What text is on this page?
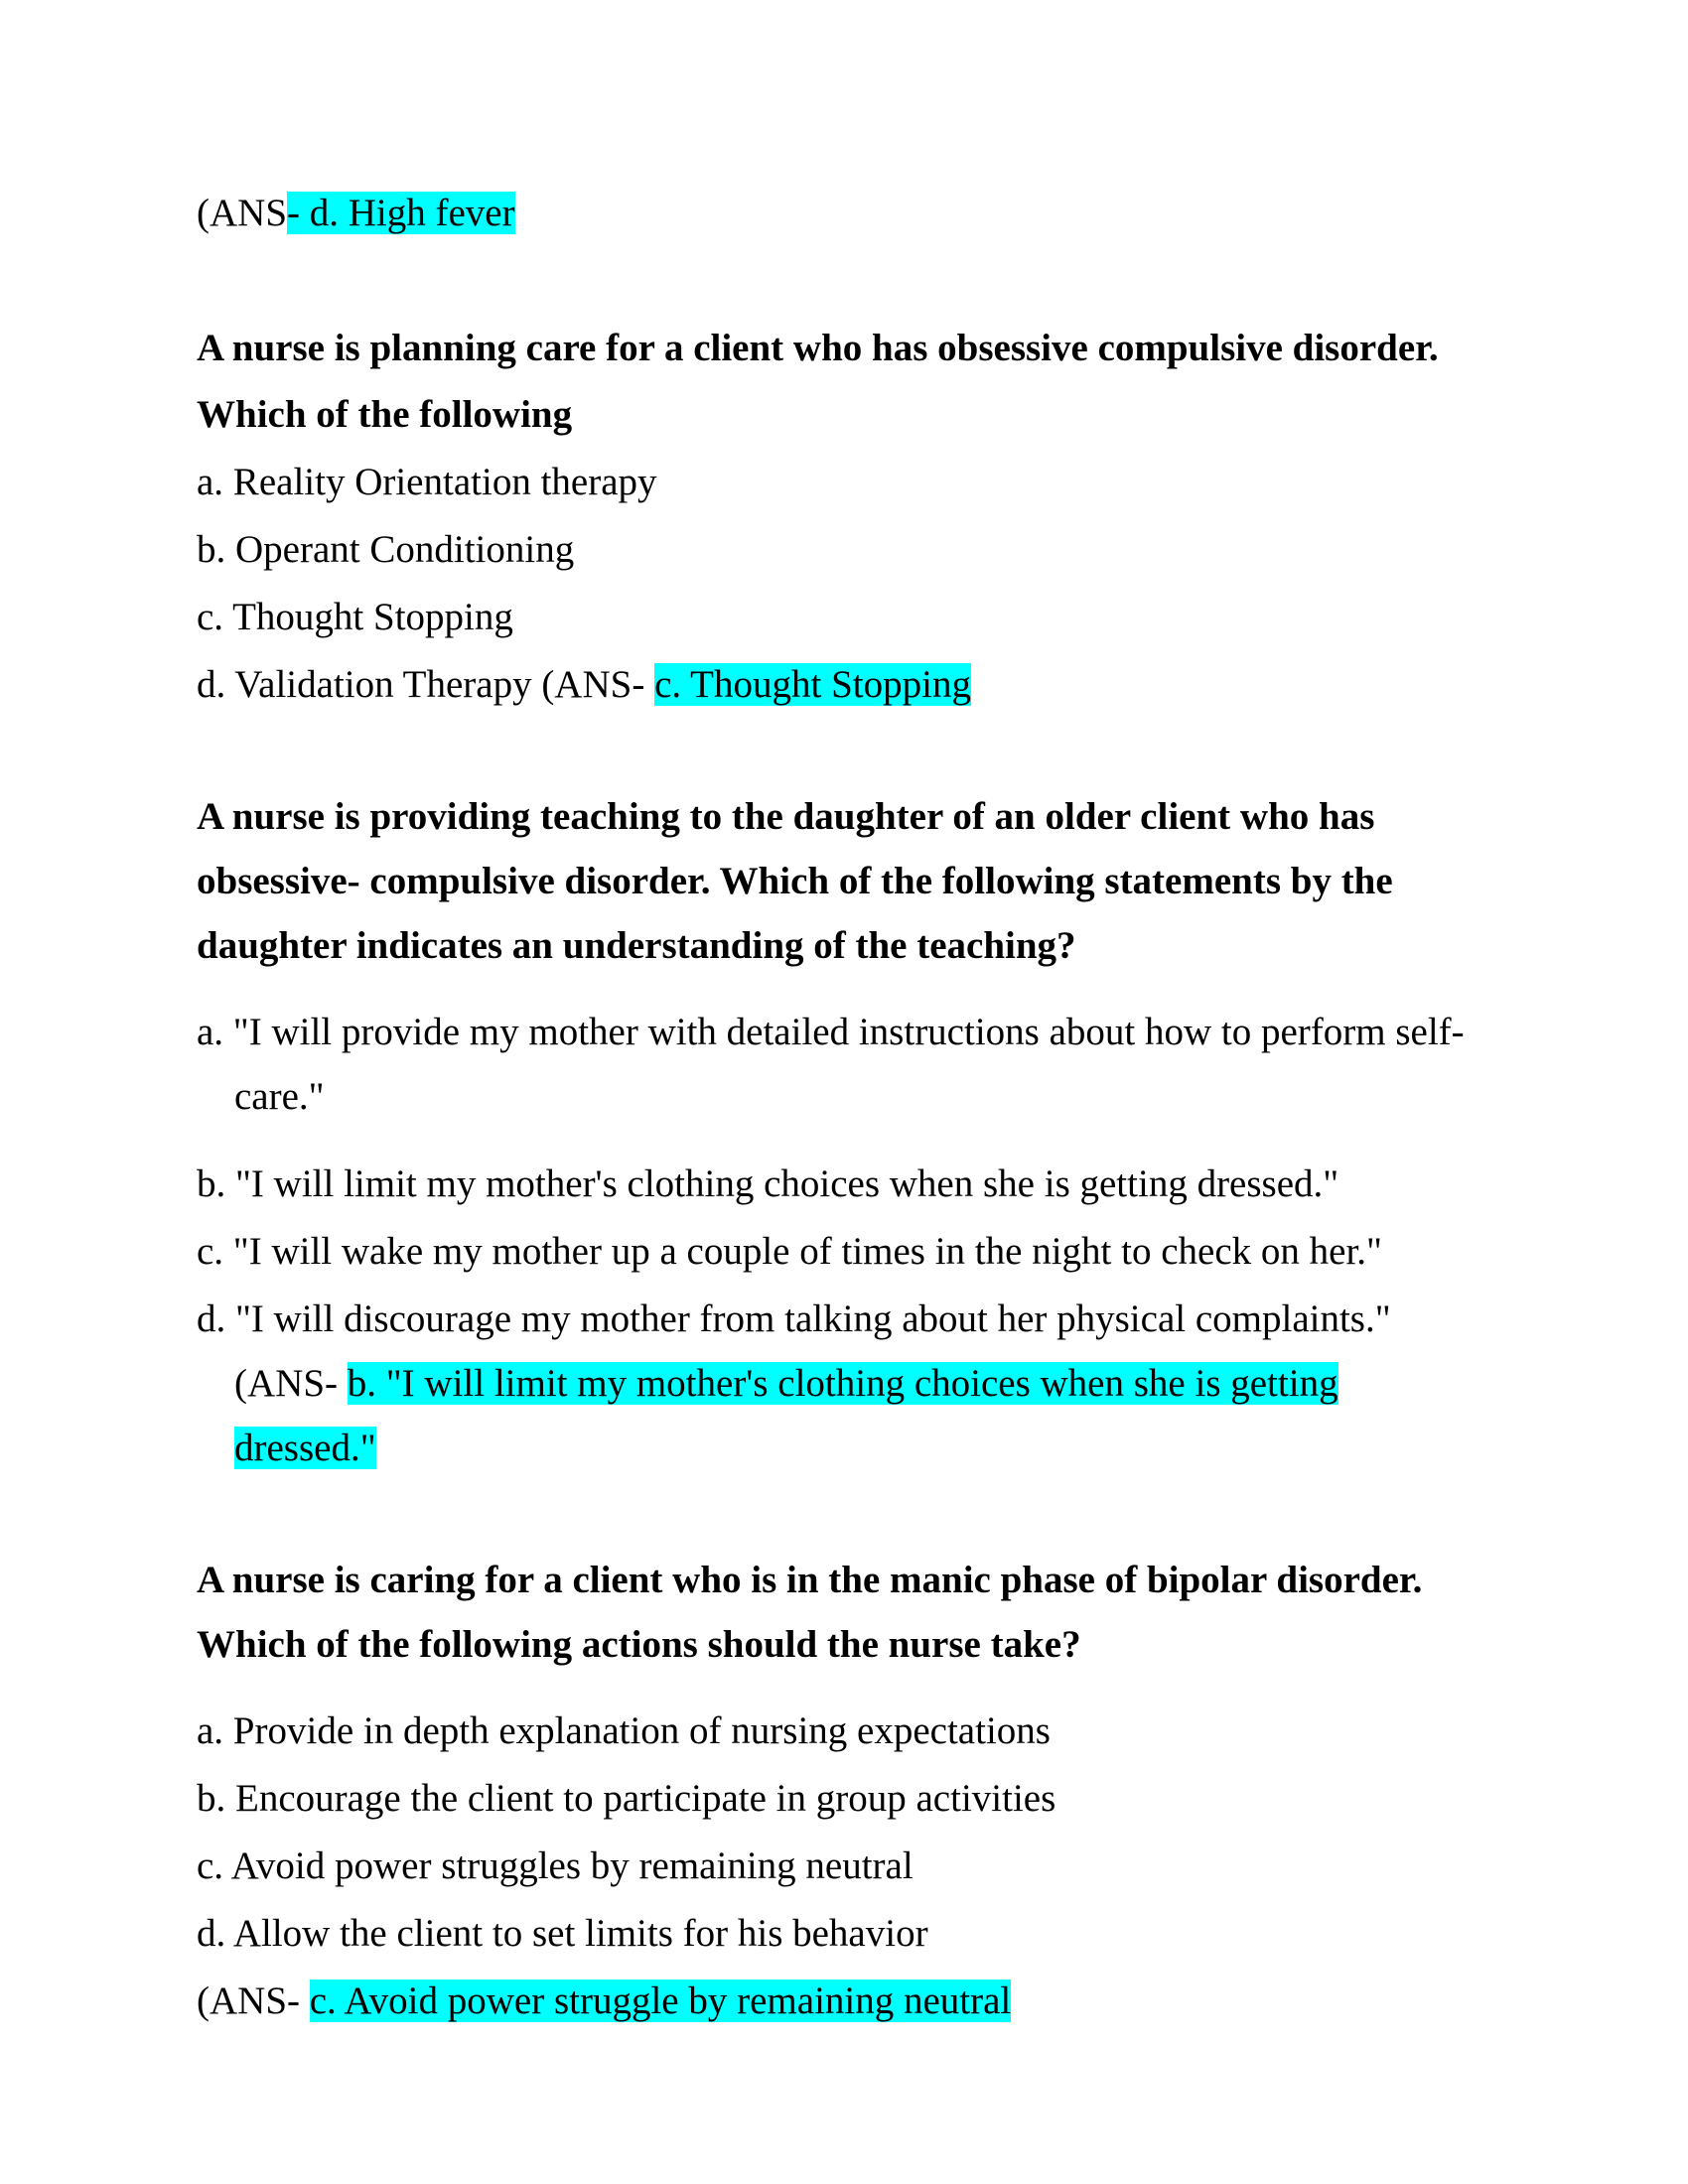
(ANS- d. High fever
A nurse is planning care for a client who has obsessive compulsive disorder.
Which of the following
a. Reality Orientation therapy
b. Operant Conditioning
c. Thought Stopping
d. Validation Therapy (ANS- c. Thought Stopping
A nurse is providing teaching to the daughter of an older client who has
obsessive- compulsive disorder. Which of the following statements by the
daughter indicates an understanding of the teaching?
a. "I will provide my mother with detailed instructions about how to perform self-
care."
b. "I will limit my mother's clothing choices when she is getting dressed."
c. "I will wake my mother up a couple of times in the night to check on her."
d. "I will discourage my mother from talking about her physical complaints."
(ANS- b. "I will limit my mother's clothing choices when she is getting
dressed."
A nurse is caring for a client who is in the manic phase of bipolar disorder.
Which of the following actions should the nurse take?
a. Provide in depth explanation of nursing expectations
b. Encourage the client to participate in group activities
c. Avoid power struggles by remaining neutral
d. Allow the client to set limits for his behavior
(ANS- c. Avoid power struggle by remaining neutral
